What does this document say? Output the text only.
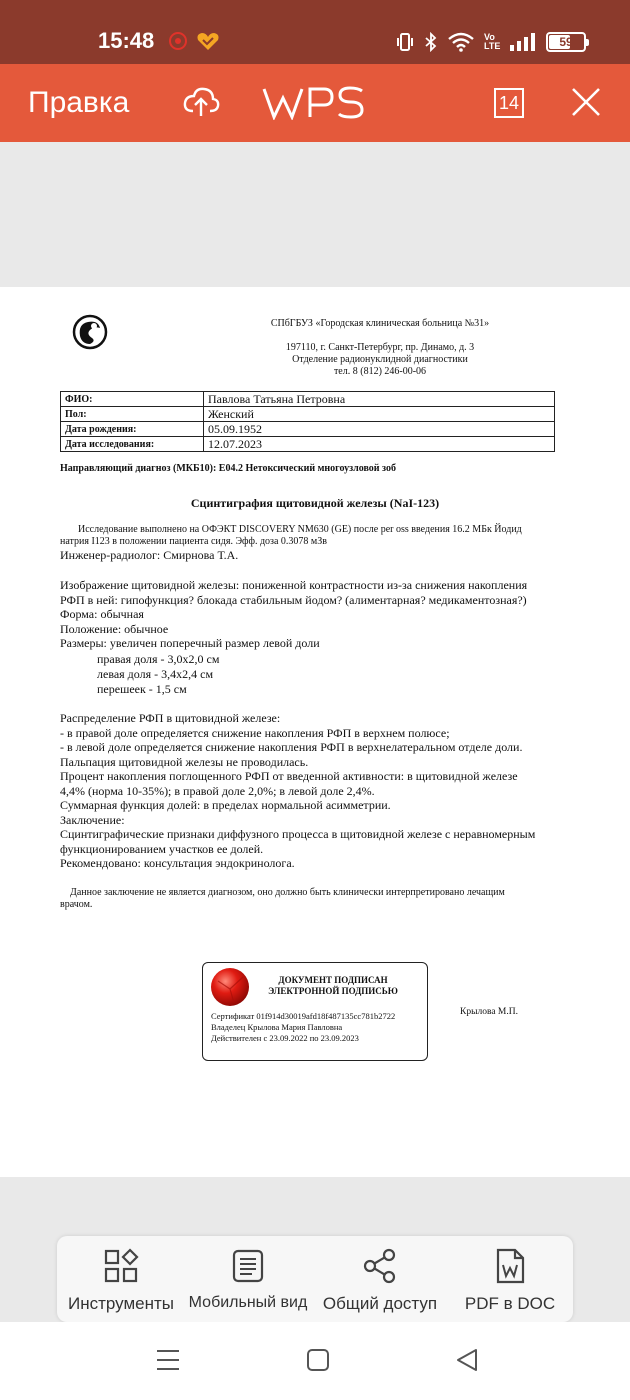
15:48	Vo LTE	59
Правка	14
СПбГБУЗ «Городская клиническая больница №31»
197110, г. Санкт-Петербург, пр. Динамо, д. 3
Отделение радионуклидной диагностики
тел. 8 (812) 246-00-06
ФИО:	Павлова Татьяна Петровна
Пол:	Женский
Дата рождения:	05.09.1952
Дата исследования:	12.07.2023
Направляющий диагноз (МКБ10): Е04.2 Нетоксический многоузловой зоб
Сцинтиграфия щитовидной железы (NaI-123)
Исследование выполнено на ОФЭКТ DISCOVERY NM630 (GE) после per oss введения 16.2 МБк Йодид
натрия I123 в положении пациента сидя. Эфф. доза 0.3078 мЗв
Инженер-радиолог: Смирнова Т.А.
Изображение щитовидной железы: пониженной контрастности из-за снижения накопления
РФП в ней: гипофункция? блокада стабильным йодом? (алиментарная? медикаментозная?)
Форма: обычная
Положение: обычное
Размеры: увеличен поперечный размер левой доли
правая доля - 3,0х2,0 см
левая доля - 3,4х2,4 см
перешеек - 1,5 см
Распределение РФП в щитовидной железе:
- в правой доле определяется снижение накопления РФП в верхнем полюсе;
- в левой доле определяется снижение накопления РФП в верхнелатеральном отделе доли.
Пальпация щитовидной железы не проводилась.
Процент накопления поглощенного РФП от введенной активности: в щитовидной железе
4,4% (норма 10-35%); в правой доле 2,0%; в левой доле 2,4%.
Суммарная функция долей: в пределах нормальной асимметрии.
Заключение:
Сцинтиграфические признаки диффузного процесса в щитовидной железе с неравномерным
функционированием участков ее долей.
Рекомендовано: консультация эндокринолога.
Данное заключение не является диагнозом, оно должно быть клинически интерпретировано лечащим
врачом.
ДОКУМЕНТ ПОДПИСАН
ЭЛЕКТРОННОЙ ПОДПИСЬЮ
Сертификат 01f914d30019afd18f487135cc781b2722
Владелец Крылова Мария Павловна
Действителен с 23.09.2022 по 23.09.2023
Крылова М.П.
Инструменты Мобильный вид Общий доступ	PDF в DOC
